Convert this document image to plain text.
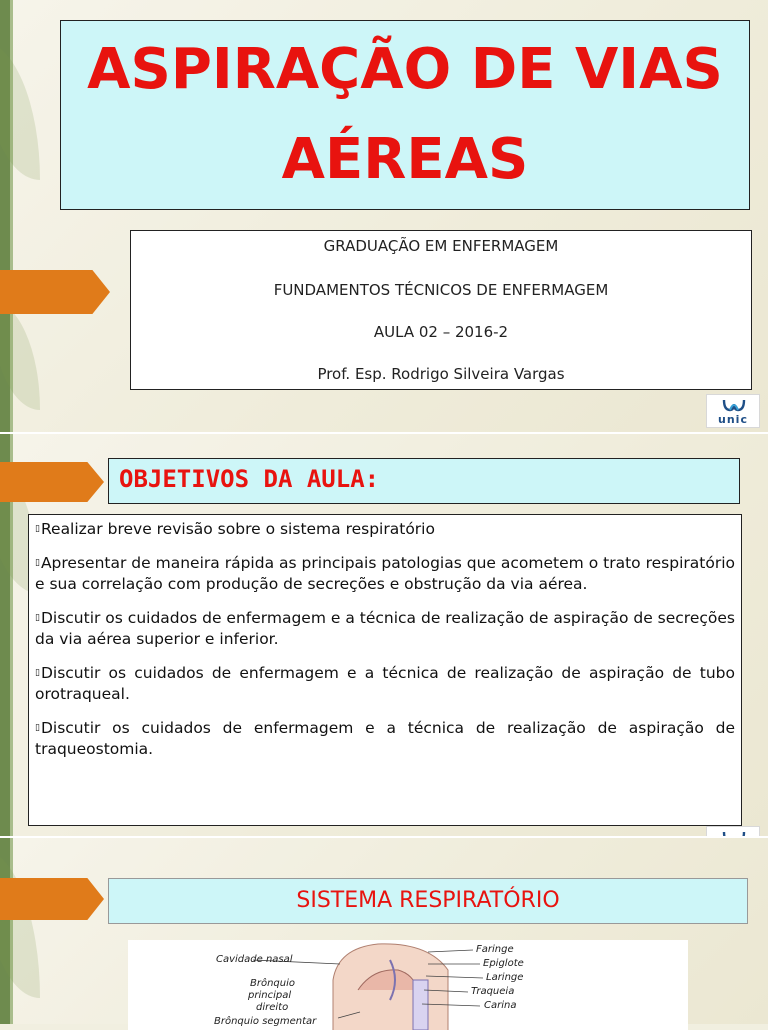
ASPIRAÇÃO DE VIAS

AÉREAS

GRADUAÇÃO EM ENFERMAGEM
FUNDAMENTOS TÉCNICOS DE ENFERMAGEM
AULA 02 – 2016-2
Prof. Esp. Rodrigo Silveira Vargas
unic
OBJETIVOS DA AULA:

▯ Realizar breve revisão sobre o sistema respiratório

▯ Apresentar de maneira rápida as principais patologias que acometem o trato respiratório e sua correlação com produção de secreções e obstrução da via aérea.

▯ Discutir os cuidados de enfermagem e a técnica de realização de aspiração de secreções da via aérea superior e inferior.

▯ Discutir os cuidados de enfermagem e a técnica de realização de aspiração de tubo orotraqueal.

▯ Discutir os cuidados de enfermagem e a técnica de realização de aspiração de traqueostomia.

SISTEMA RESPIRATÓRIO
Cavidade nasal
Brônquio
principal
direito
Brônquio segmentar
Faringe
Epiglote
Laringe
Traqueia
Carina
